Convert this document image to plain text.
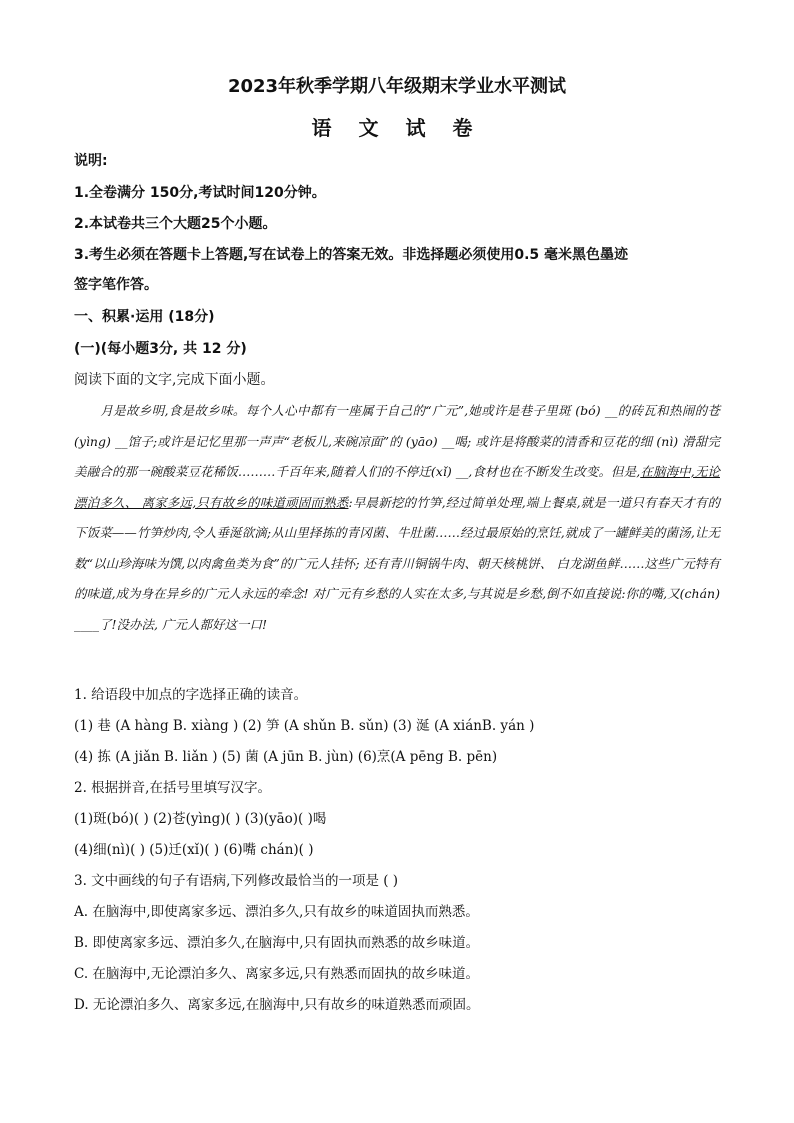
2023年秋季学期八年级期末学业水平测试
语 文 试 卷
说明:
1.全卷满分 150分,考试时间120分钟。
2.本试卷共三个大题25个小题。
3.考生必须在答题卡上答题,写在试卷上的答案无效。非选择题必须使用0.5 毫米黑色墨迹
签字笔作答。
一、积累·运用 (18分)
(一)(每小题3分, 共 12 分)
阅读下面的文字,完成下面小题。
月是故乡明,食是故乡味。每个人心中都有一座属于自己的“广元”,她或许是巷子里斑 (bó) __的砖瓦和热闹的苍(yìng) __馆子;或许是记忆里那一声声“老板儿,来碗凉面”的 (yāo) __喝; 或许是将酸菜的清香和豆花的细 (nì) 滑甜完美融合的那一碗酸菜豆花稀饭………千百年来,随着人们的不停迁(xǐ) __,食材也在不断发生改变。但是,在脑海中,无论漂泊多久、 离家多远,只有故乡的味道顽固而熟悉:早晨新挖的竹笋,经过简单处理,端上餐桌,就是一道只有春天才有的下饭菜——竹笋炒肉,令人垂涎欲滴;从山里择拣的青冈菌、牛肚菌……经过最原始的烹饪,就成了一罐鲜美的菌汤,让无数“以山珍海味为馔,以肉禽鱼类为食”的广元人挂怀; 还有青川铜锅牛肉、朝天核桃饼、 白龙湖鱼鲜……这些广元特有的味道,成为身在异乡的广元人永远的牵念! 对广元有乡愁的人实在太多,与其说是乡愁,倒不如直接说:你的嘴,又(chán) ____了!没办法, 广元人都好这一口!
1. 给语段中加点的字选择正确的读音。
(1) 巷 (A hàng B. xiàng ) (2) 笋 (A shǔn B. sǔn) (3) 涎 (A xiánB. yán )
(4) 拣 (A jiǎn B. liǎn ) (5) 菌 (A jūn B. jùn) (6)烹(A pēng B. pēn)
2. 根据拼音,在括号里填写汉字。
(1)斑(bó)( ) (2)苍(yìng)( ) (3)(yāo)( )喝
(4)细(nì)( ) (5)迁(xǐ)( ) (6)嘴 chán)( )
3. 文中画线的句子有语病,下列修改最恰当的一项是 ( )
A. 在脑海中,即使离家多远、漂泊多久,只有故乡的味道固执而熟悉。
B. 即使离家多远、漂泊多久,在脑海中,只有固执而熟悉的故乡味道。
C. 在脑海中,无论漂泊多久、离家多远,只有熟悉而固执的故乡味道。
D. 无论漂泊多久、离家多远,在脑海中,只有故乡的味道熟悉而顽固。
